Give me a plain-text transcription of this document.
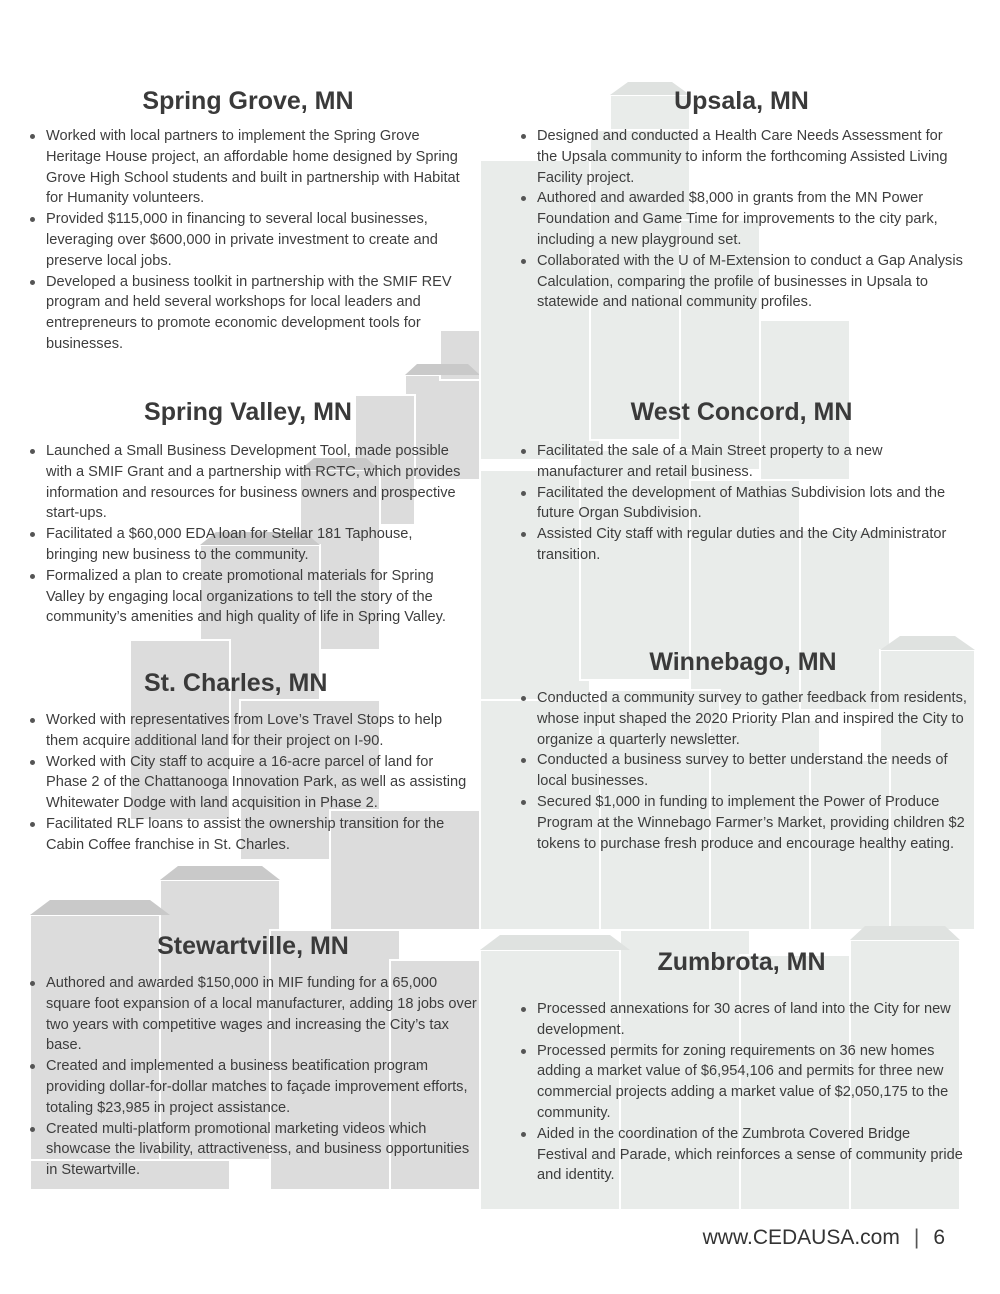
Spring Grove, MN
Worked with local partners to implement the Spring Grove Heritage House project, an affordable home designed by Spring Grove High School students and built in partnership with Habitat for Humanity volunteers.
Provided $115,000 in financing to several local businesses, leveraging over $600,000 in private investment to create and preserve local jobs.
Developed a business toolkit in partnership with the SMIF REV program and held several workshops for local leaders and entrepreneurs to promote economic development tools for businesses.
Upsala, MN
Designed and conducted a Health Care Needs Assessment for the Upsala community to inform the forthcoming Assisted Living Facility project.
Authored and awarded $8,000 in grants from the MN Power Foundation and Game Time for improvements to the city park, including a new playground set.
Collaborated with the U of M-Extension to conduct a Gap Analysis Calculation, comparing the profile of businesses in Upsala to statewide and national community profiles.
Spring Valley, MN
Launched a Small Business Development Tool, made possible with a SMIF Grant and a partnership with RCTC, which provides information and resources for business owners and prospective start-ups.
Facilitated a $60,000 EDA loan for Stellar 181 Taphouse, bringing new business to the community.
Formalized a plan to create promotional materials for Spring Valley by engaging local organizations to tell the story of the community’s amenities and high quality of life in Spring Valley.
West Concord, MN
Facilitated the sale of a Main Street property to a new manufacturer and retail business.
Facilitated the development of Mathias Subdivision lots and the future Organ Subdivision.
Assisted City staff with regular duties and the City Administrator transition.
St. Charles, MN
Worked with representatives from Love’s Travel Stops to help them acquire additional land for their project on I-90.
Worked with City staff to acquire a 16-acre parcel of land for Phase 2 of the Chattanooga Innovation Park, as well as assisting Whitewater Dodge with land acquisition in Phase 2.
Facilitated RLF loans to assist the ownership transition for the Cabin Coffee franchise in St. Charles.
Winnebago, MN
Conducted a community survey to gather feedback from residents, whose input shaped the 2020 Priority Plan and inspired the City to organize a quarterly newsletter.
Conducted a business survey to better understand the needs of local businesses.
Secured $1,000 in funding to implement the Power of Produce Program at the Winnebago Farmer’s Market, providing children $2 tokens to purchase fresh produce and encourage healthy eating.
Stewartville, MN
Authored and awarded $150,000 in MIF funding for a 65,000 square foot expansion of a local manufacturer, adding 18 jobs over two years with competitive wages and increasing the City’s tax base.
Created and implemented a business beatification program providing dollar-for-dollar matches to façade improvement efforts, totaling $23,985 in project assistance.
Created multi-platform promotional marketing videos which showcase the livability, attractiveness, and business opportunities in Stewartville.
Zumbrota, MN
Processed annexations for 30 acres of land into the City for new development.
Processed permits for zoning requirements on 36 new homes adding a market value of $6,954,106 and permits for three new commercial projects adding a market value of $2,050,175 to the community.
Aided in the coordination of the Zumbrota Covered Bridge Festival and Parade, which reinforces a sense of community pride and identity.
www.CEDAUSA.com | 6
